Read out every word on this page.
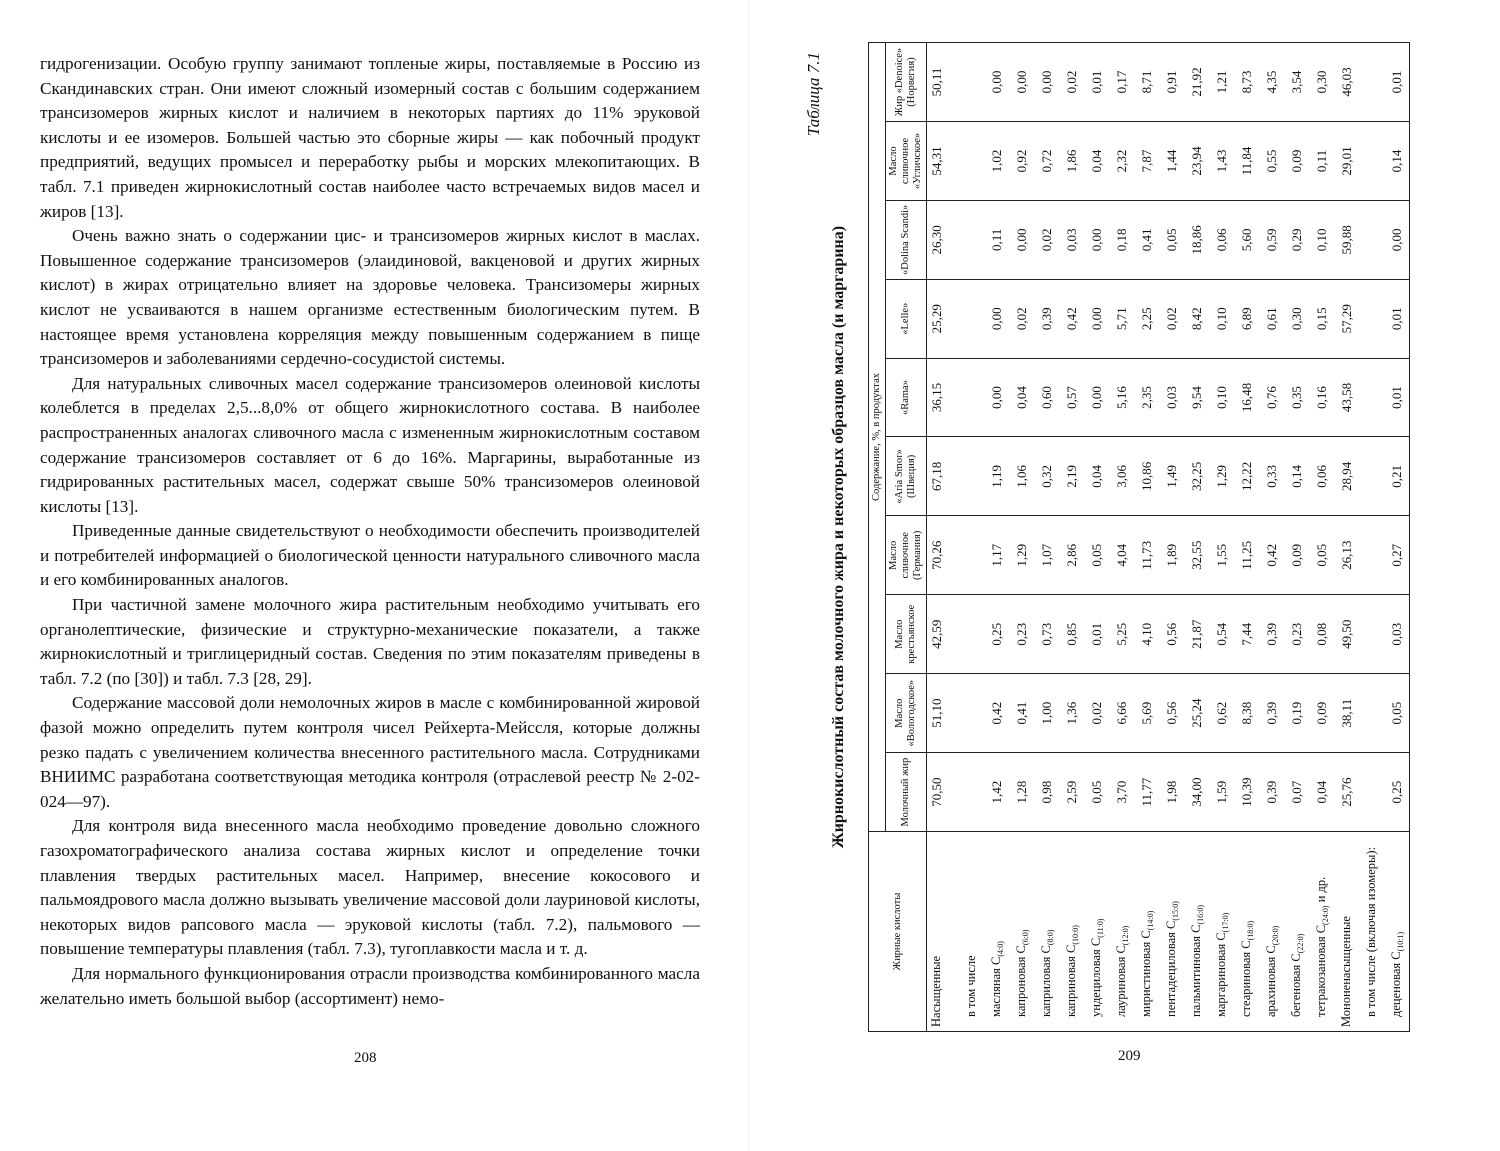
гидрогенизации. Особую группу занимают топленые жиры, поставляемые в Россию из Скандинавских стран. Они имеют сложный изомерный состав с большим содержанием трансизомеров жирных кислот и наличием в некоторых партиях до 11% эруковой кислоты и ее изомеров. Большей частью это сборные жиры — как побочный продукт предприятий, ведущих промысел и переработку рыбы и морских млекопитающих. В табл. 7.1 приведен жирнокислотный состав наиболее часто встречаемых видов масел и жиров [13].

Очень важно знать о содержании цис- и трансизомеров жирных кислот в маслах. Повышенное содержание трансизомеров (элаидиновой, вакценовой и других жирных кислот) в жирах отрицательно влияет на здоровье человека. Трансизомеры жирных кислот не усваиваются в нашем организме естественным биологическим путем. В настоящее время установлена корреляция между повышенным содержанием в пище трансизомеров и заболеваниями сердечно-сосудистой системы.

Для натуральных сливочных масел содержание трансизомеров олеиновой кислоты колеблется в пределах 2,5...8,0% от общего жирнокислотного состава. В наиболее распространенных аналогах сливочного масла с измененным жирнокислотным составом содержание трансизомеров составляет от 6 до 16%. Маргарины, выработанные из гидрированных растительных масел, содержат свыше 50% трансизомеров олеиновой кислоты [13].

Приведенные данные свидетельствуют о необходимости обеспечить производителей и потребителей информацией о биологической ценности натурального сливочного масла и его комбинированных аналогов.

При частичной замене молочного жира растительным необходимо учитывать его органолептические, физические и структурно-механические показатели, а также жирнокислотный и триглицеридный состав. Сведения по этим показателям приведены в табл. 7.2 (по [30]) и табл. 7.3 [28, 29].

Содержание массовой доли немолочных жиров в масле с комбинированной жировой фазой можно определить путем контроля чисел Рейхерта-Мейссля, которые должны резко падать с увеличением количества внесенного растительного масла. Сотрудниками ВНИИМС разработана соответствующая методика контроля (отраслевой реестр № 2-02-024—97).

Для контроля вида внесенного масла необходимо проведение довольно сложного газохроматографического анализа состава жирных кислот и определение точки плавления твердых растительных масел. Например, внесение кокосового и пальмоядрового масла должно вызывать увеличение массовой доли лауриновой кислоты, некоторых видов рапсового масла — эруковой кислоты (табл. 7.2), пальмового — повышение температуры плавления (табл. 7.3), тугоплавкости масла и т. д.

Для нормального функционирования отрасли производства комбинированного масла желательно иметь большой выбор (ассортимент) немо-

208
Таблица 7.1
Жирнокислотный состав молочного жира и некоторых образцов масла (и маргарина)
Жирные кислоты	Содержание, %, в продуктах									
	Молочный жир	Масло «Вологодское»	Масло крестьянское	Масло сливочное (Германия)	«Aria Smor» (Швеция)	«Rama»	«Lelle»	«Dolina Scandi»	Масло сливочное «Угличское»	Жир «Denoice» (Норвегия)
Насыщенные	70,50	51,10	42,59	70,26	67,18	36,15	25,29	26,30	54,31	50,11
в том числе										
масляная $C_{(4:0)}$	1,42	0,42	0,25	1,17	1,19	0,00	0,00	0,11	1,02	0,00
капроновая $C_{(6:0)}$	1,28	0,41	0,23	1,29	1,06	0,04	0,02	0,00	0,92	0,00
каприловая $C_{(8:0)}$	0,98	1,00	0,73	1,07	0,32	0,60	0,39	0,02	0,72	0,00
каприновая $C_{(10:0)}$	2,59	1,36	0,85	2,86	2,19	0,57	0,42	0,03	1,86	0,02
ундециловая $C_{(11:0)}$	0,05	0,02	0,01	0,05	0,04	0,00	0,00	0,00	0,04	0,01
лауриновая $C_{(12:0)}$	3,70	6,66	5,25	4,04	3,06	5,16	5,71	0,18	2,32	0,17
миристиновая $C_{(14:0)}$	11,77	5,69	4,10	11,73	10,86	2,35	2,25	0,41	7,87	8,71
пентадециловая $C_{(15:0)}$	1,98	0,56	0,56	1,89	1,49	0,03	0,02	0,05	1,44	0,91
пальмитиновая $C_{(16:0)}$	34,00	25,24	21,87	32,55	32,25	9,54	8,42	18,86	23,94	21,92
маргариновая $C_{(17:0)}$	1,59	0,62	0,54	1,55	1,29	0,10	0,10	0,06	1,43	1,21
стеариновая $C_{(18:0)}$	10,39	8,38	7,44	11,25	12,22	16,48	6,89	5,60	11,84	8,73
арахиновая $C_{(20:0)}$	0,39	0,39	0,39	0,42	0,33	0,76	0,61	0,59	0,55	4,35
бегеновая $C_{(22:0)}$	0,07	0,19	0,23	0,09	0,14	0,35	0,30	0,29	0,09	3,54
тетракозановая $C_{(24:0)}$ и др.	0,04	0,09	0,08	0,05	0,06	0,16	0,15	0,10	0,11	0,30
Мононенасыщенные	25,76	38,11	49,50	26,13	28,94	43,58	57,29	59,88	29,01	46,03
в том числе (включая изомеры):										
деценовая $C_{(10:1)}$	0,25	0,05	0,03	0,27	0,21	0,01	0,01	0,00	0,14	0,01
209
